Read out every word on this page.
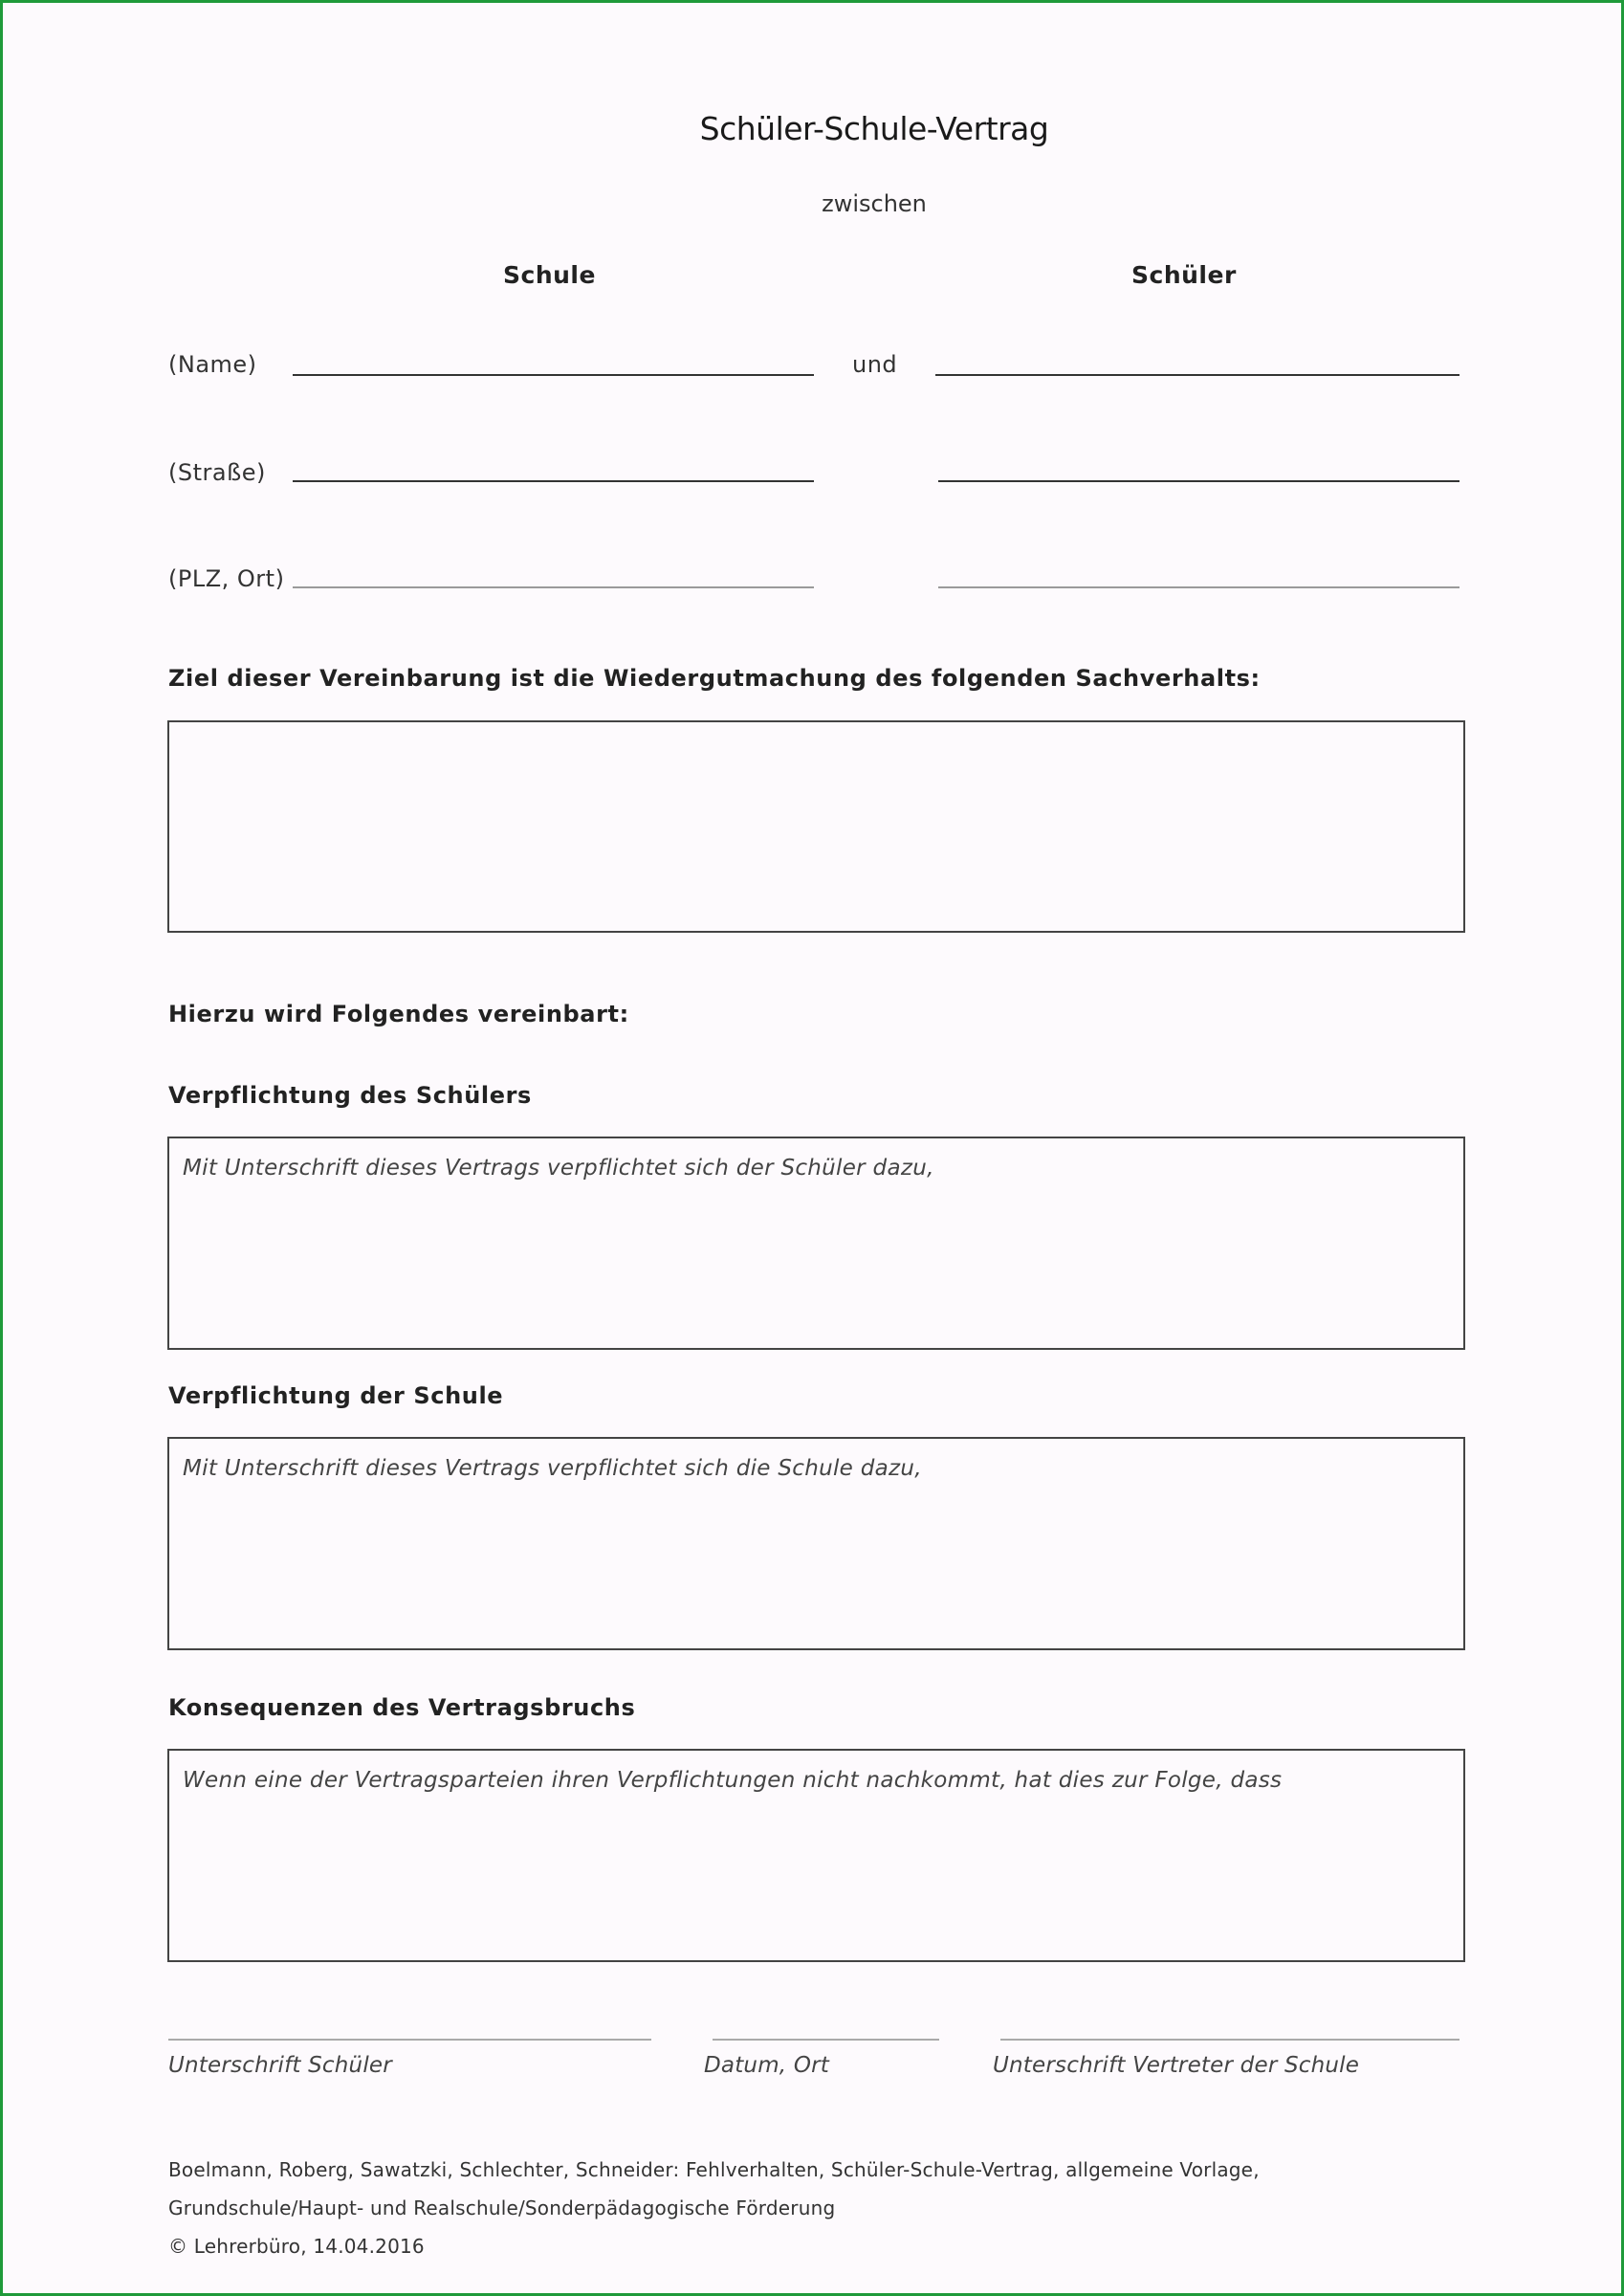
Schüler-Schule-Vertrag
zwischen
Schule	Schüler
(Name)	und
(Straße)
(PLZ, Ort)
Ziel dieser Vereinbarung ist die Wiedergutmachung des folgenden Sachverhalts:
Hierzu wird Folgendes vereinbart:
Verpflichtung des Schülers
Mit Unterschrift dieses Vertrags verpflichtet sich der Schüler dazu,
Verpflichtung der Schule
Mit Unterschrift dieses Vertrags verpflichtet sich die Schule dazu,
Konsequenzen des Vertragsbruchs
Wenn eine der Vertragsparteien ihren Verpflichtungen nicht nachkommt, hat dies zur Folge, dass
Unterschrift Schüler	Datum, Ort	Unterschrift Vertreter der Schule
Boelmann, Roberg, Sawatzki, Schlechter, Schneider: Fehlverhalten, Schüler-Schule-Vertrag, allgemeine Vorlage,
Grundschule/Haupt- und Realschule/Sonderpädagogische Förderung
© Lehrerbüro, 14.04.2016
